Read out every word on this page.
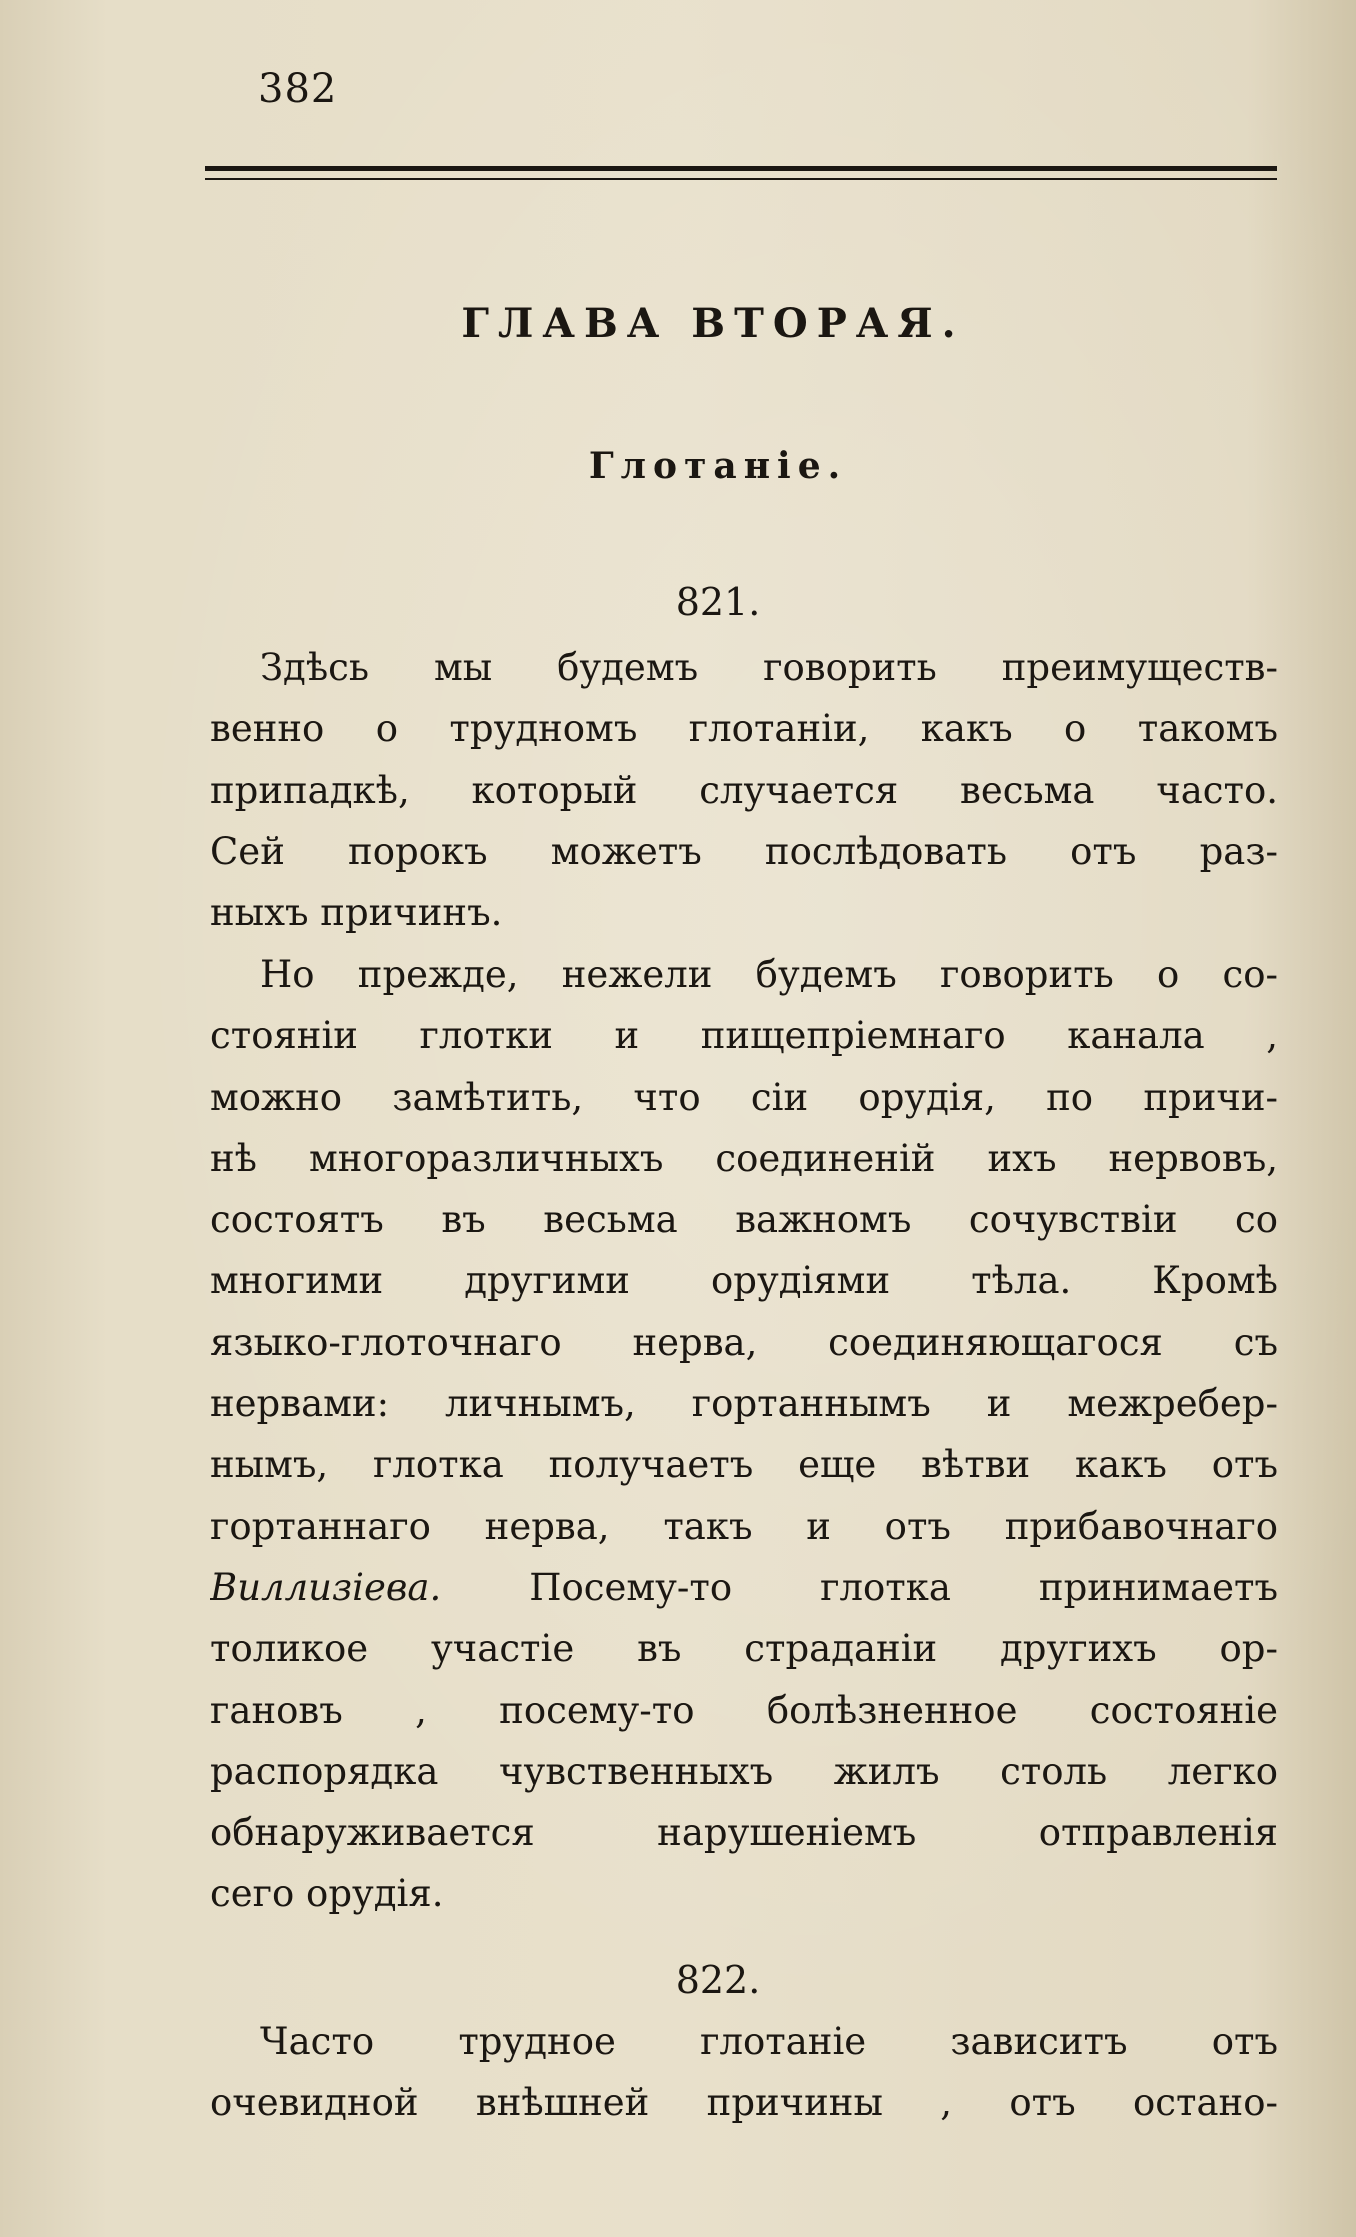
382
ГЛАВА ВТОРАЯ.
Глотаніе.
821.
Здѣсь мы будемъ говорить преимуществ-
венно о трудномъ глотаніи, какъ о такомъ
припадкѣ, который случается весьма часто.
Сей порокъ можетъ послѣдовать отъ раз-
ныхъ причинъ.
Но прежде, нежели будемъ говорить о со-
стояніи глотки и пищепріемнаго канала ,
можно замѣтить, что сіи орудія, по причи-
нѣ многоразличныхъ соединеній ихъ нервовъ,
состоятъ въ весьма важномъ сочувствіи со
многими другими орудіями тѣла. Кромѣ
языко-глоточнаго нерва, соединяющагося съ
нервами: личнымъ, гортаннымъ и межребер-
нымъ, глотка получаетъ еще вѣтви какъ отъ
гортаннаго нерва, такъ и отъ прибавочнаго
Виллизіева. Посему-то глотка принимаетъ
толикое участіе въ страданіи другихъ ор-
гановъ , посему-то болѣзненное состояніе
распорядка чувственныхъ жилъ столь легко
обнаруживается нарушеніемъ отправленія
сего орудія.
822.
Часто трудное глотаніе зависитъ отъ
очевидной внѣшней причины , отъ остано-
